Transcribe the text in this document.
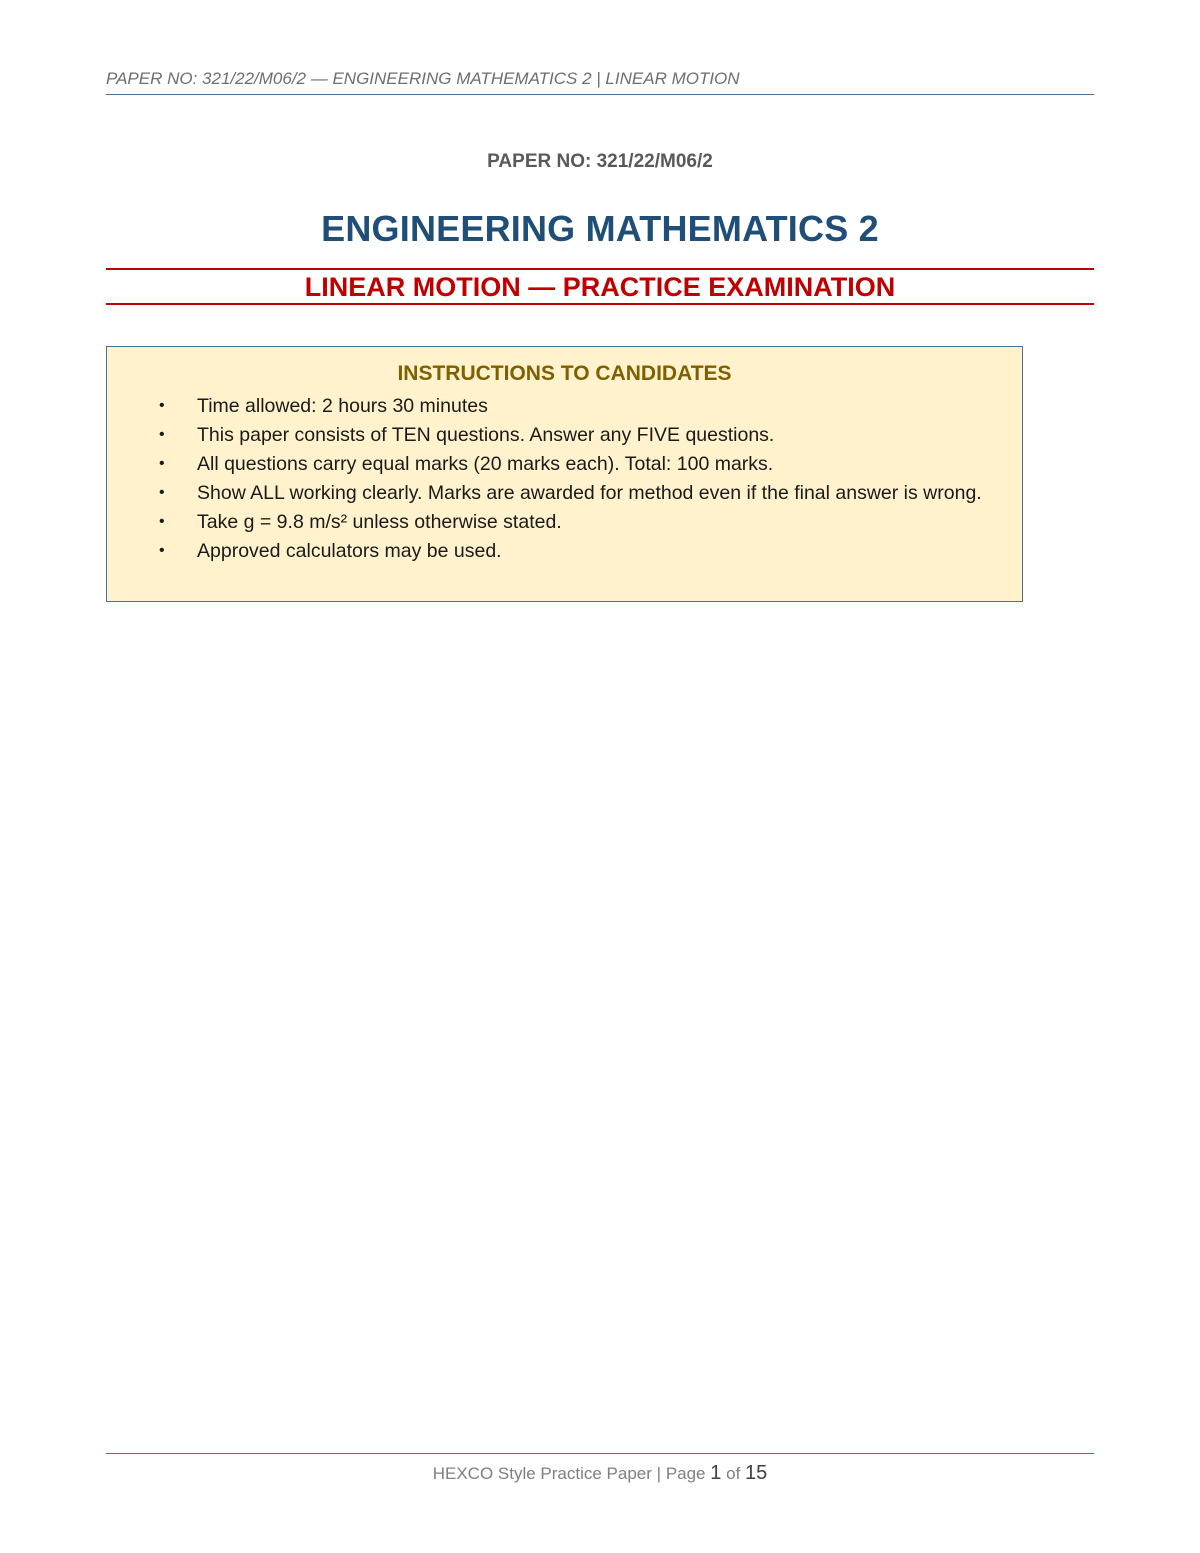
PAPER NO: 321/22/M06/2 — ENGINEERING MATHEMATICS 2 | LINEAR MOTION
PAPER NO: 321/22/M06/2
ENGINEERING MATHEMATICS 2
LINEAR MOTION — PRACTICE EXAMINATION
INSTRUCTIONS TO CANDIDATES
• Time allowed: 2 hours 30 minutes
• This paper consists of TEN questions. Answer any FIVE questions.
• All questions carry equal marks (20 marks each). Total: 100 marks.
• Show ALL working clearly. Marks are awarded for method even if the final answer is wrong.
• Take g = 9.8 m/s² unless otherwise stated.
• Approved calculators may be used.
HEXCO Style Practice Paper | Page 1 of 15
